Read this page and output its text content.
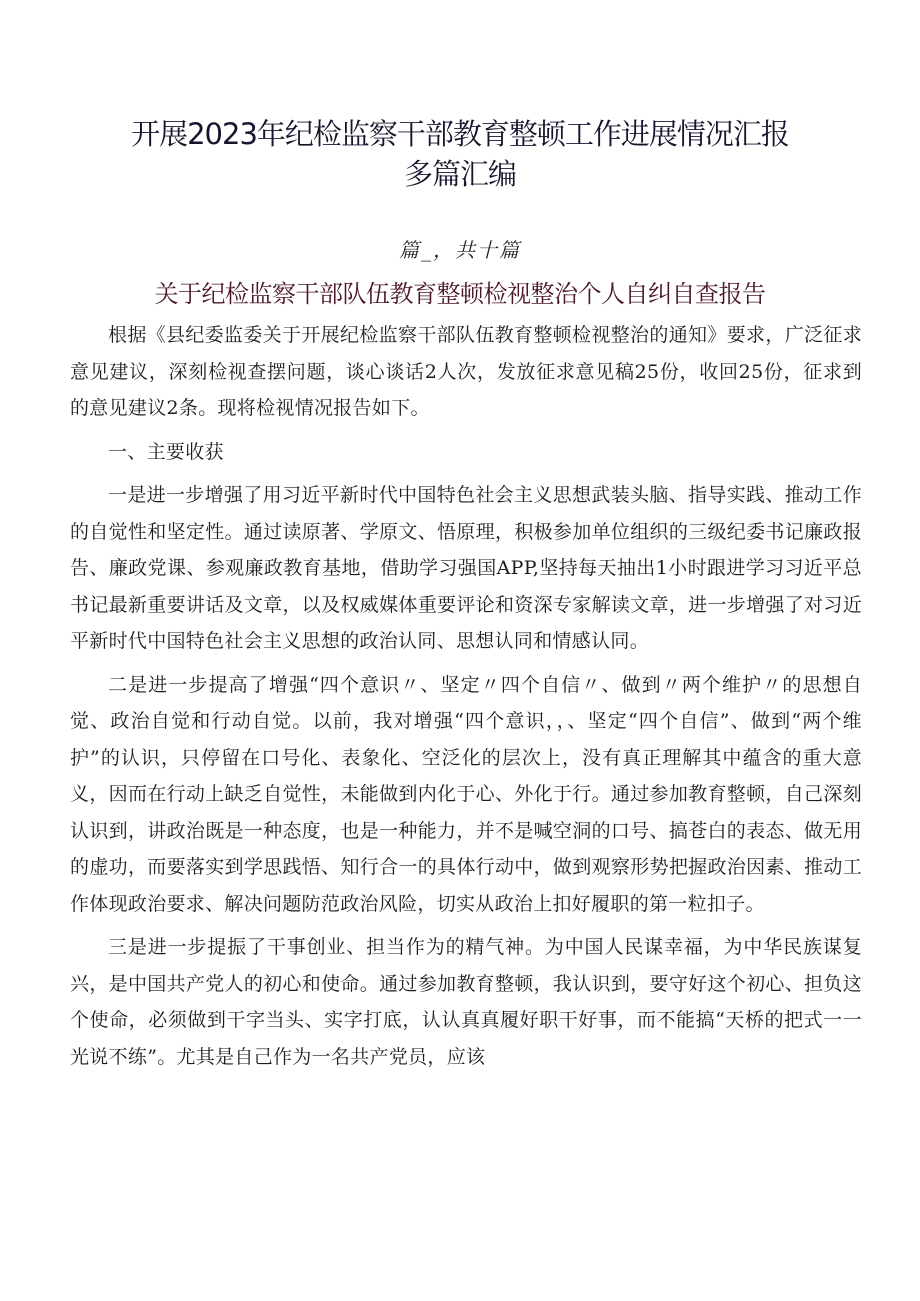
开展2023年纪检监察干部教育整顿工作进展情况汇报
多篇汇编
篇_，共十篇
关于纪检监察干部队伍教育整顿检视整治个人自纠自查报告

根据《县纪委监委关于开展纪检监察干部队伍教育整顿检视整治的通知》要求，广泛征求意见建议，深刻检视查摆问题，谈心谈话2人次，发放征求意见稿25份，收回25份，征求到的意见建议2条。现将检视情况报告如下。

一、主要收获

一是进一步增强了用习近平新时代中国特色社会主义思想武装头脑、指导实践、推动工作的自觉性和坚定性。通过读原著、学原文、悟原理，积极参加单位组织的三级纪委书记廉政报告、廉政党课、参观廉政教育基地，借助学习强国APP,坚持每天抽出1小时跟进学习习近平总书记最新重要讲话及文章，以及权威媒体重要评论和资深专家解读文章，进一步增强了对习近平新时代中国特色社会主义思想的政治认同、思想认同和情感认同。

二是进一步提高了增强“四个意识〃、坚定〃四个自信〃、做到〃两个维护〃的思想自觉、政治自觉和行动自觉。以前，我对增强“四个意识，，、坚定“四个自信”、做到“两个维护”的认识，只停留在口号化、表象化、空泛化的层次上，没有真正理解其中蕴含的重大意义，因而在行动上缺乏自觉性，未能做到内化于心、外化于行。通过参加教育整顿，自己深刻认识到，讲政治既是一种态度，也是一种能力，并不是喊空洞的口号、搞苍白的表态、做无用的虚功，而要落实到学思践悟、知行合一的具体行动中，做到观察形势把握政治因素、推动工作体现政治要求、解决问题防范政治风险，切实从政治上扣好履职的第一粒扣子。

三是进一步提振了干事创业、担当作为的精气神。为中国人民谋幸福，为中华民族谋复兴，是中国共产党人的初心和使命。通过参加教育整顿，我认识到，要守好这个初心、担负这个使命，必须做到干字当头、实字打底，认认真真履好职干好事，而不能搞“天桥的把式一一光说不练”。尤其是自己作为一名共产党员，应该
